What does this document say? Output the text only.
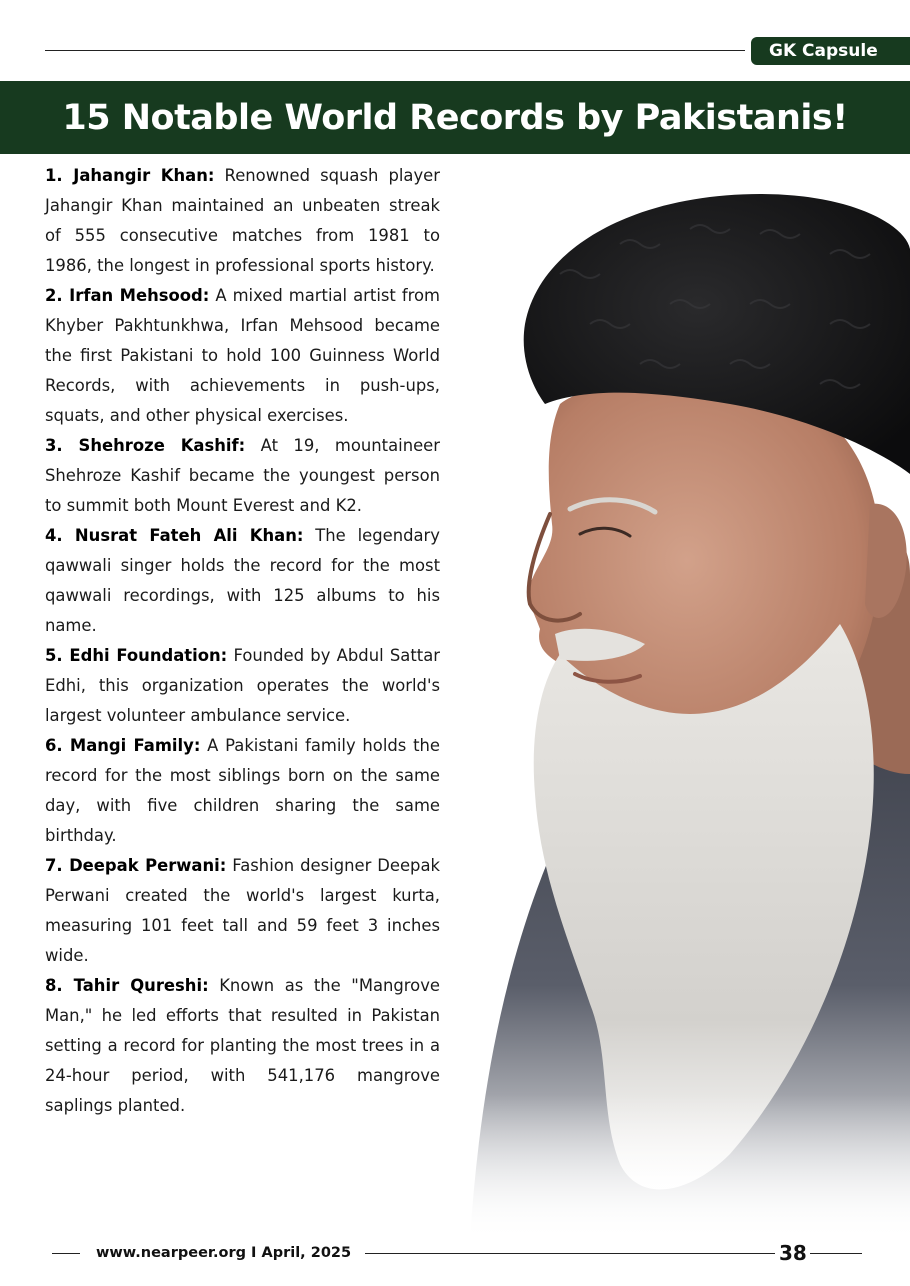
GK Capsule
15 Notable World Records by Pakistanis!

1. Jahangir Khan: Renowned squash player Jahangir Khan maintained an unbeaten streak of 555 consecutive matches from 1981 to 1986, the longest in professional sports history.

2. Irfan Mehsood: A mixed martial artist from Khyber Pakhtunkhwa, Irfan Mehsood became the first Pakistani to hold 100 Guinness World Records, with achievements in push-ups, squats, and other physical exercises.

3. Shehroze Kashif: At 19, mountaineer Shehroze Kashif became the youngest person to summit both Mount Everest and K2.

4. Nusrat Fateh Ali Khan: The legendary qawwali singer holds the record for the most qawwali recordings, with 125 albums to his name.

5. Edhi Foundation: Founded by Abdul Sattar Edhi, this organization operates the world's largest volunteer ambulance service.

6. Mangi Family: A Pakistani family holds the record for the most siblings born on the same day, with five children sharing the same birthday.

7. Deepak Perwani: Fashion designer Deepak Perwani created the world's largest kurta, measuring 101 feet tall and 59 feet 3 inches wide.

8. Tahir Qureshi: Known as the "Mangrove Man," he led efforts that resulted in Pakistan setting a record for planting the most trees in a 24-hour period, with 541,176 mangrove saplings planted.

www.nearpeer.org I April, 2025	38
